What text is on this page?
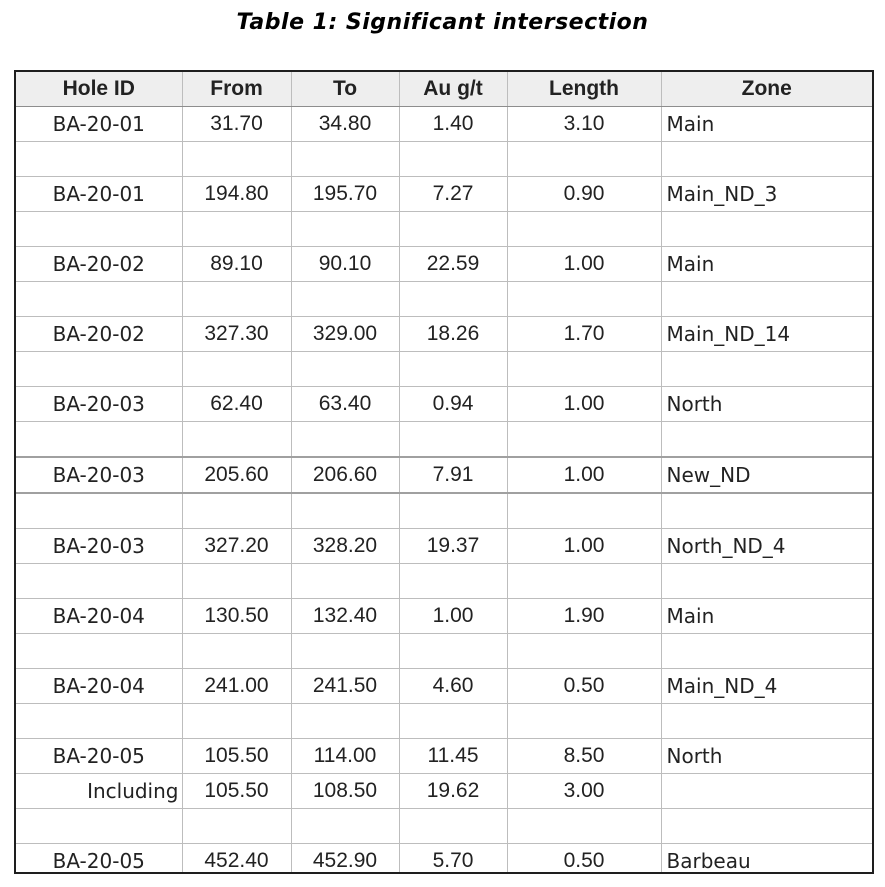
Table 1: Significant intersection
Hole ID	From	To	Au g/t	Length	Zone
BA-20-01	31.70	34.80	1.40	3.10	Main

BA-20-01	194.80	195.70	7.27	0.90	Main_ND_3

BA-20-02	89.10	90.10	22.59	1.00	Main

BA-20-02	327.30	329.00	18.26	1.70	Main_ND_14

BA-20-03	62.40	63.40	0.94	1.00	North

BA-20-03	205.60	206.60	7.91	1.00	New_ND

BA-20-03	327.20	328.20	19.37	1.00	North_ND_4

BA-20-04	130.50	132.40	1.00	1.90	Main

BA-20-04	241.00	241.50	4.60	0.50	Main_ND_4

BA-20-05	105.50	114.00	11.45	8.50	North
Including	105.50	108.50	19.62	3.00	

BA-20-05	452.40	452.90	5.70	0.50	Barbeau
